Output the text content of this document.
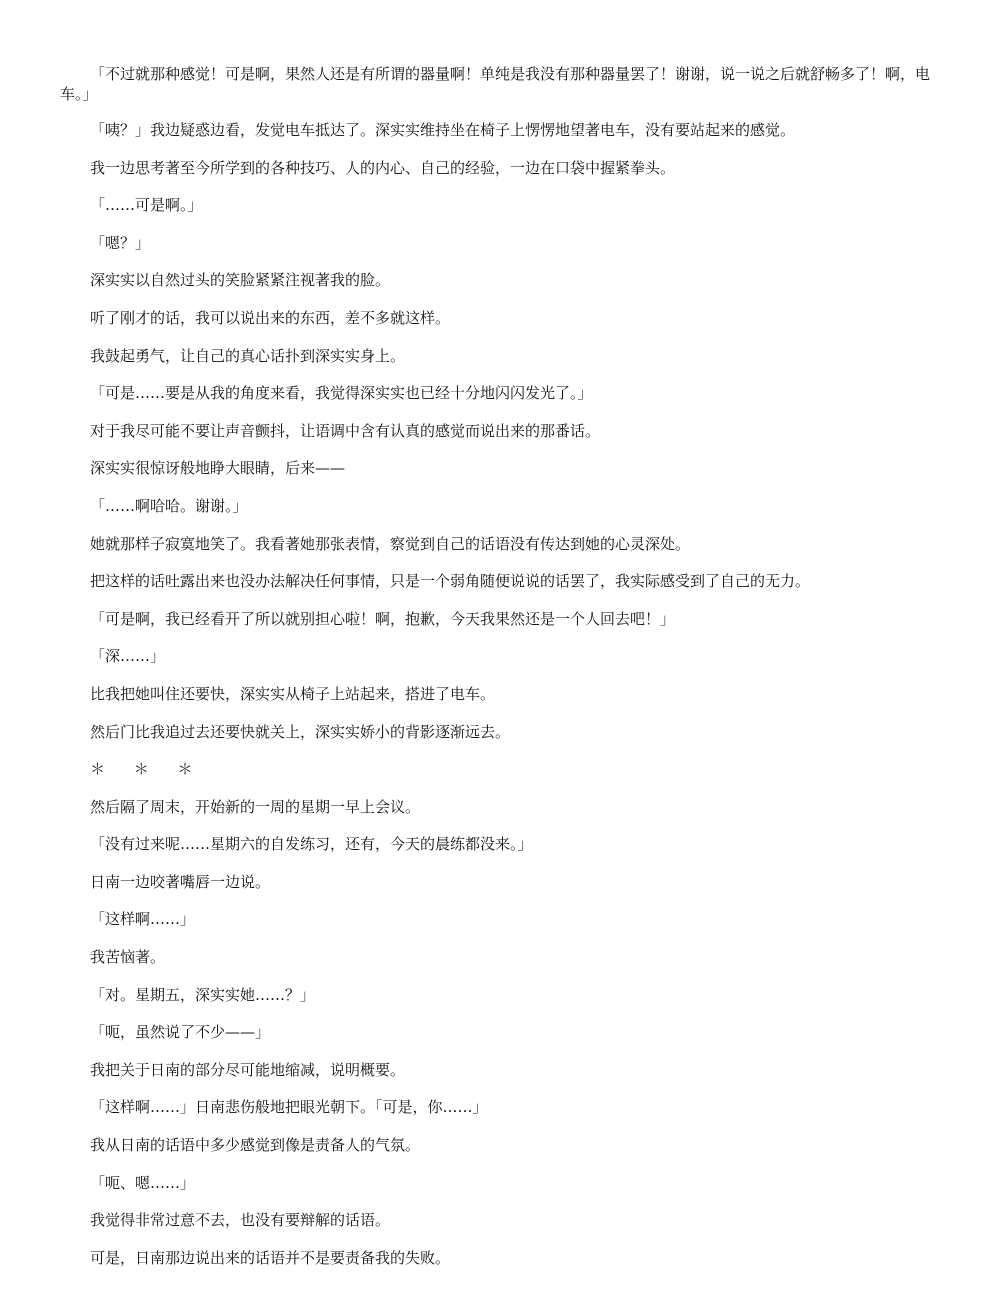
「不过就那种感觉！可是啊，果然人还是有所谓的器量啊！单纯是我没有那种器量罢了！谢谢，说一说之后就舒畅多了！啊，电车。」

「咦？」我边疑惑边看，发觉电车抵达了。深实实维持坐在椅子上愣愣地望著电车，没有要站起来的感觉。

我一边思考著至今所学到的各种技巧、人的内心、自己的经验，一边在口袋中握紧拳头。

「……可是啊。」

「嗯？」

深实实以自然过头的笑脸紧紧注视著我的脸。

听了刚才的话，我可以说出来的东西，差不多就这样。

我鼓起勇气，让自己的真心话扑到深实实身上。

「可是……要是从我的角度来看，我觉得深实实也已经十分地闪闪发光了。」

对于我尽可能不要让声音颤抖，让语调中含有认真的感觉而说出来的那番话。

深实实很惊讶般地睁大眼睛，后来——

「……啊哈哈。谢谢。」

她就那样子寂寞地笑了。我看著她那张表情，察觉到自己的话语没有传达到她的心灵深处。

把这样的话吐露出来也没办法解决任何事情，只是一个弱角随便说说的话罢了，我实际感受到了自己的无力。

「可是啊，我已经看开了所以就别担心啦！啊，抱歉，今天我果然还是一个人回去吧！」

「深……」

比我把她叫住还要快，深实实从椅子上站起来，搭进了电车。

然后门比我追过去还要快就关上，深实实娇小的背影逐渐远去。

＊ ＊ ＊

然后隔了周末，开始新的一周的星期一早上会议。

「没有过来呢……星期六的自发练习，还有，今天的晨练都没来。」

日南一边咬著嘴唇一边说。

「这样啊……」

我苦恼著。

「对。星期五，深实实她……？」

「呃，虽然说了不少——」

我把关于日南的部分尽可能地缩减，说明概要。

「这样啊……」日南悲伤般地把眼光朝下。「可是，你……」

我从日南的话语中多少感觉到像是责备人的气氛。

「呃、嗯……」

我觉得非常过意不去，也没有要辩解的话语。

可是，日南那边说出来的话语并不是要责备我的失败。
